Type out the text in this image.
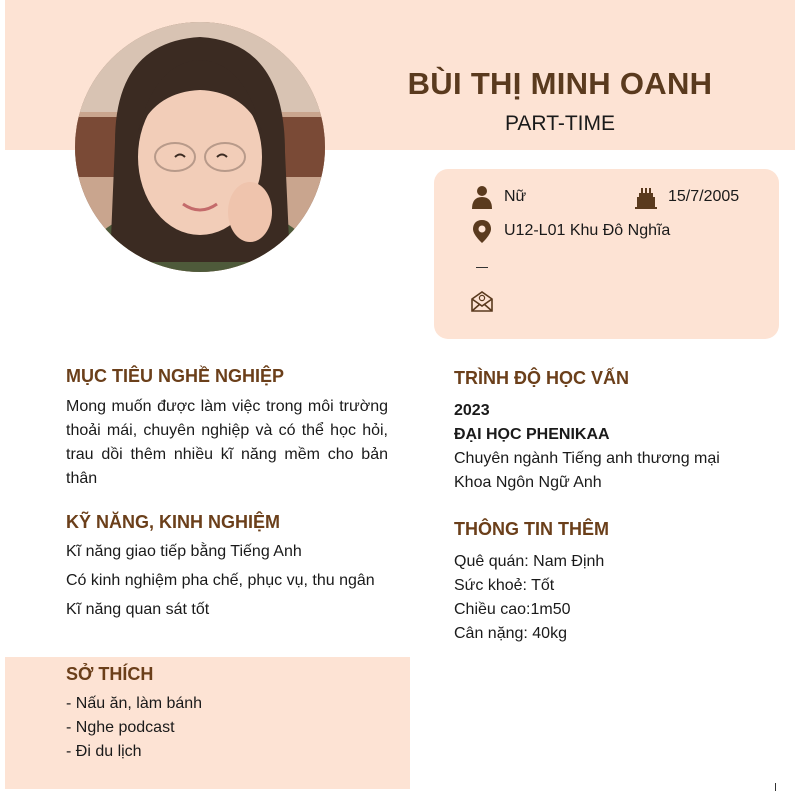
BÙI THỊ MINH OANH
PART-TIME
Nữ	15/7/2005
U12-L01 Khu Đô Nghĩa
MỤC TIÊU NGHỀ NGHIỆP
Mong muốn được làm việc trong môi trường thoải mái, chuyên nghiệp và có thể học hỏi, trau dồi thêm nhiều kĩ năng mềm cho bản thân
KỸ NĂNG, KINH NGHIỆM
Kĩ năng giao tiếp bằng Tiếng Anh
Có kinh nghiệm pha chế, phục vụ, thu ngân
Kĩ năng quan sát tốt
SỞ THÍCH
- Nấu ăn, làm bánh
- Nghe podcast
- Đi du lịch
TRÌNH ĐỘ HỌC VẤN
2023
ĐẠI HỌC PHENIKAA
Chuyên ngành Tiếng anh thương mại
Khoa Ngôn Ngữ Anh
THÔNG TIN THÊM
Quê quán: Nam Định
Sức khoẻ: Tốt
Chiều cao:1m50
Cân nặng: 40kg
